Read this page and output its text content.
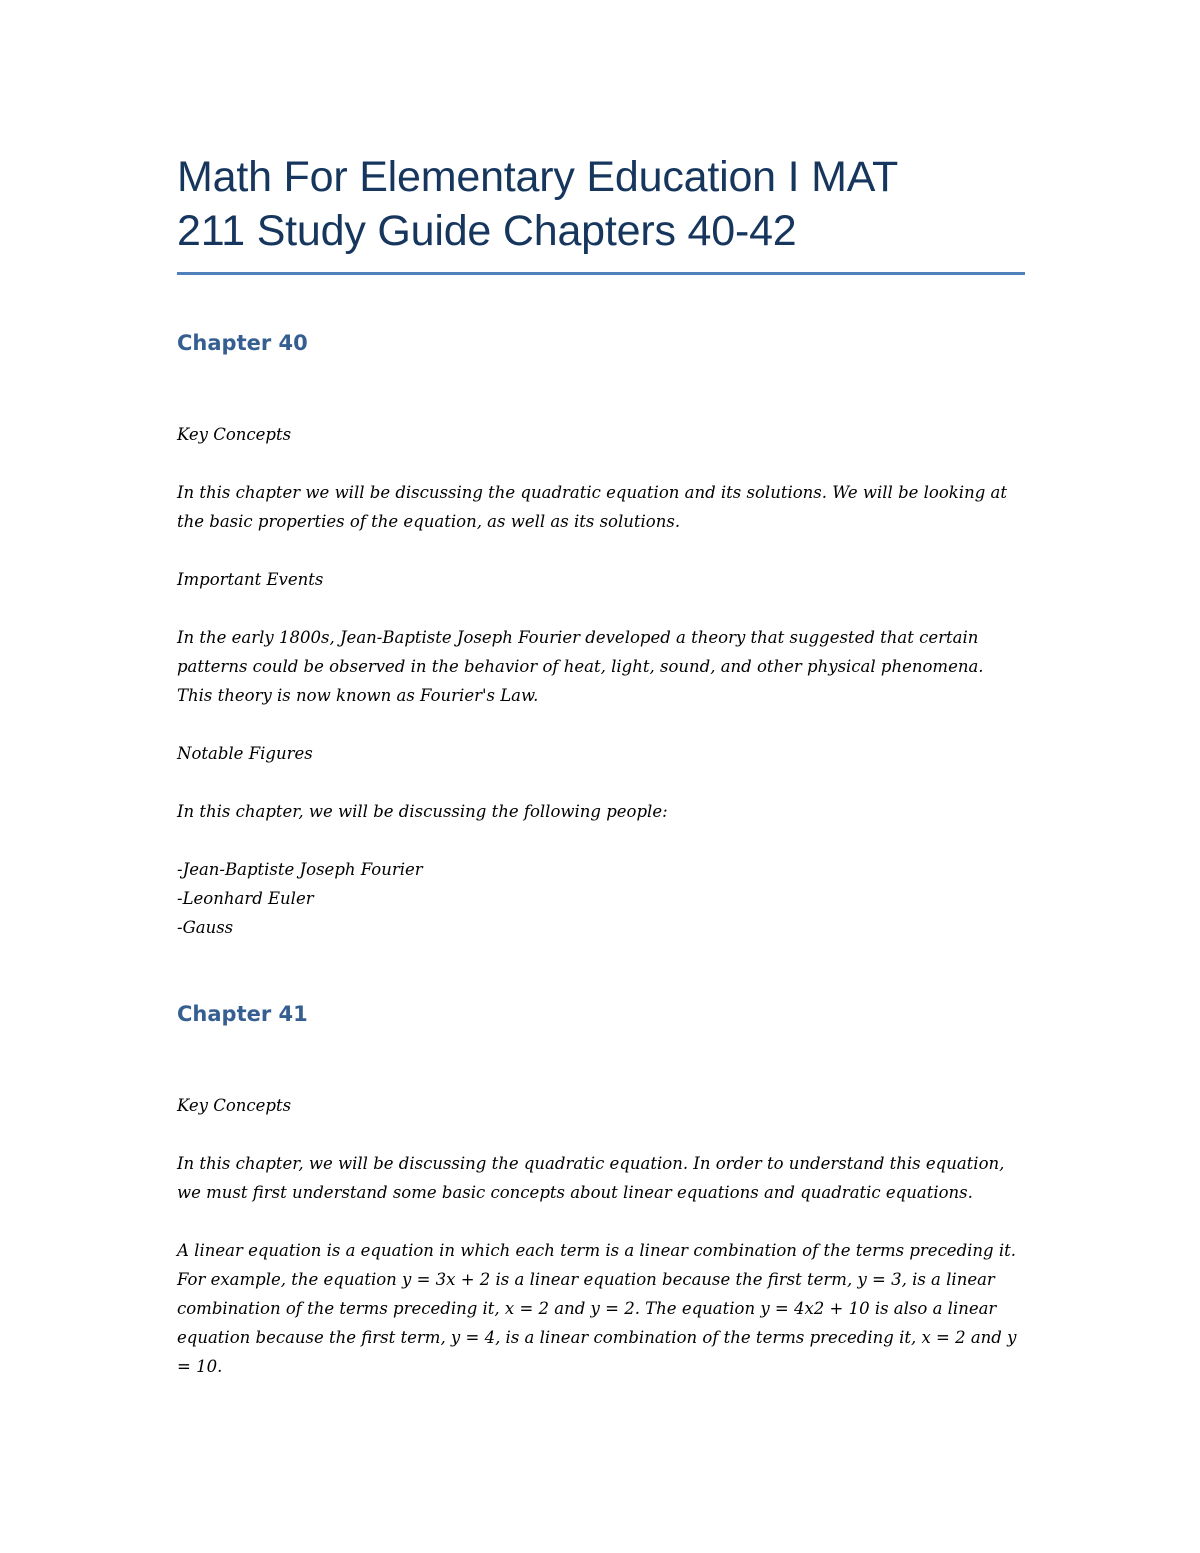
Math For Elementary Education I MAT
211 Study Guide Chapters 40-42
Chapter 40

Key Concepts

In this chapter we will be discussing the quadratic equation and its solutions. We will be looking at the basic properties of the equation, as well as its solutions.

Important Events

In the early 1800s, Jean-Baptiste Joseph Fourier developed a theory that suggested that certain patterns could be observed in the behavior of heat, light, sound, and other physical phenomena. This theory is now known as Fourier's Law.

Notable Figures

In this chapter, we will be discussing the following people:

-Jean-Baptiste Joseph Fourier
-Leonhard Euler
-Gauss
Chapter 41

Key Concepts

In this chapter, we will be discussing the quadratic equation. In order to understand this equation, we must first understand some basic concepts about linear equations and quadratic equations.

A linear equation is a equation in which each term is a linear combination of the terms preceding it. For example, the equation y = 3x + 2 is a linear equation because the first term, y = 3, is a linear combination of the terms preceding it, x = 2 and y = 2. The equation y = 4x2 + 10 is also a linear equation because the first term, y = 4, is a linear combination of the terms preceding it, x = 2 and y = 10.
